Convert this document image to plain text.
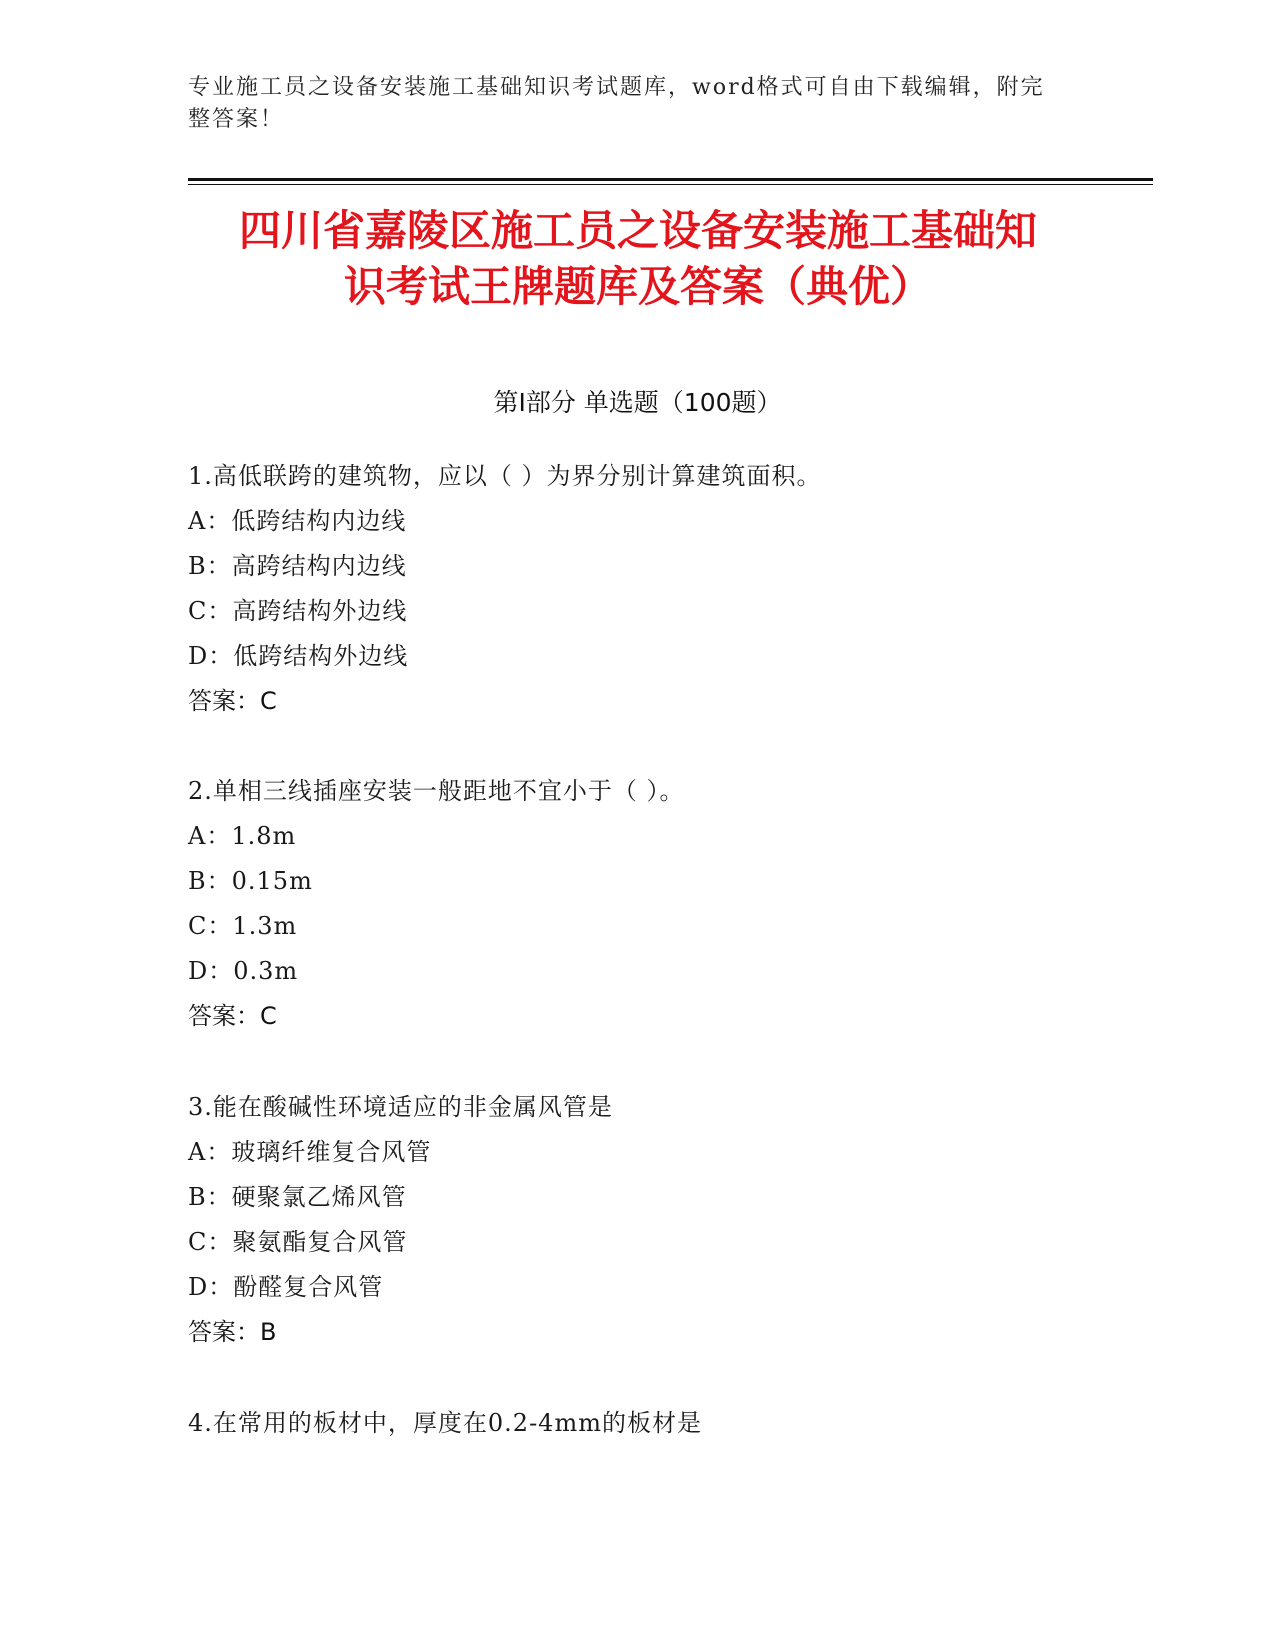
专业施工员之设备安装施工基础知识考试题库，word格式可自由下载编辑，附完
整答案！
四川省嘉陵区施工员之设备安装施工基础知
识考试王牌题库及答案（典优）
第Ⅰ部分 单选题（100题）
1.高低联跨的建筑物，应以（ ）为界分别计算建筑面积。
A：低跨结构内边线
B：高跨结构内边线
C：高跨结构外边线
D：低跨结构外边线
答案：C
2.单相三线插座安装一般距地不宜小于（ ）。
A：1.8m
B：0.15m
C：1.3m
D：0.3m
答案：C
3.能在酸碱性环境适应的非金属风管是
A：玻璃纤维复合风管
B：硬聚氯乙烯风管
C：聚氨酯复合风管
D：酚醛复合风管
答案：B
4.在常用的板材中，厚度在0.2-4mm的板材是
